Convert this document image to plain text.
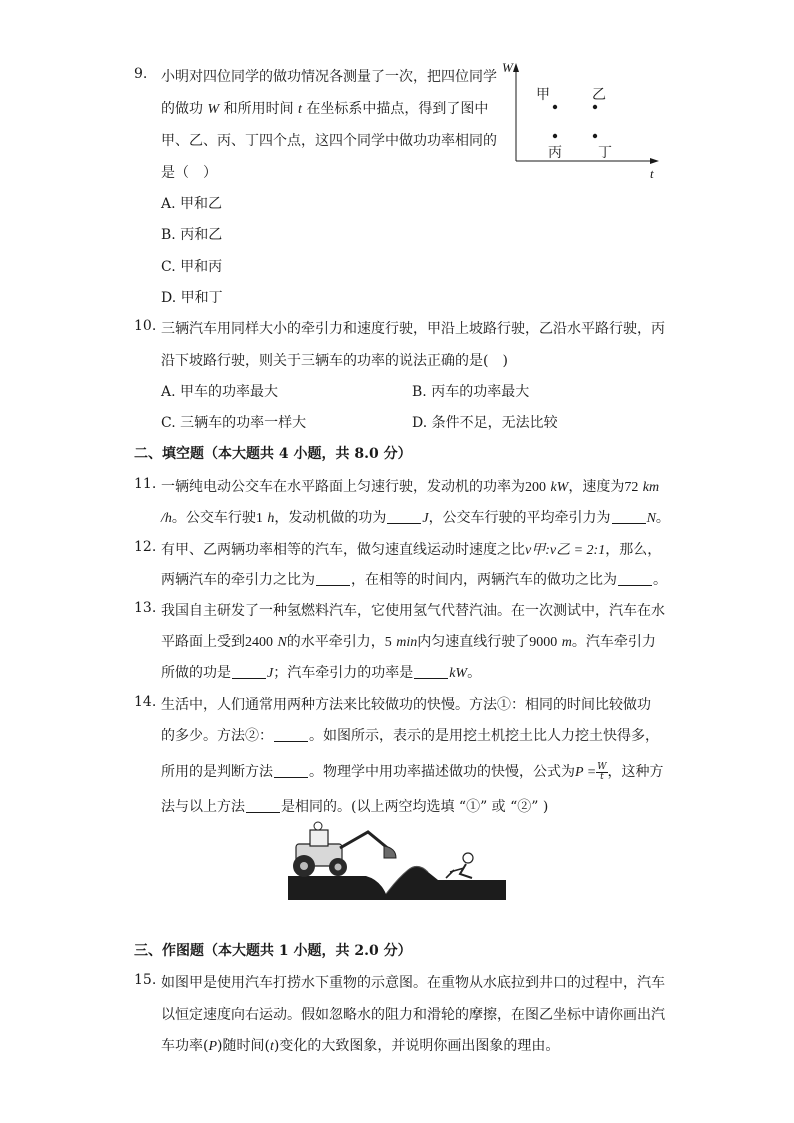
9. 小明对四位同学的做功情况各测量了一次，把四位同学
的做功 W 和所用时间 t 在坐标系中描点，得到了图中
甲、乙、丙、丁四个点，这四个同学中做功功率相同的
是（　）
A. 甲和乙
B. 丙和乙
C. 甲和丙
D. 甲和丁
W
t
甲	乙
丙	丁
10. 三辆汽车用同样大小的牵引力和速度行驶，甲沿上坡路行驶，乙沿水平路行驶，丙
沿下坡路行驶，则关于三辆车的功率的说法正确的是(　)
A. 甲车的功率最大	B. 丙车的功率最大
C. 三辆车的功率一样大	D. 条件不足，无法比较
二、填空题（本大题共 4 小题，共 8.0 分）
11. 一辆纯电动公交车在水平路面上匀速行驶，发动机的功率为200 kW，速度为72 km
/h。公交车行驶1 h，发动机做的功为	J，公交车行驶的平均牵引力为	N。
12. 有甲、乙两辆功率相等的汽车，做匀速直线运动时速度之比v甲:v乙 = 2:1，那么，
两辆汽车的牵引力之比为	，在相等的时间内，两辆汽车的做功之比为	。
13. 我国自主研发了一种氢燃料汽车，它使用氢气代替汽油。在一次测试中，汽车在水
平路面上受到2400 N的水平牵引力，5 min内匀速直线行驶了9000 m。汽车牵引力
所做的功是	J；汽车牵引力的功率是	kW。
14. 生活中，人们通常用两种方法来比较做功的快慢。方法①：相同的时间比较做功
的多少。方法②：	。如图所示，表示的是用挖土机挖土比人力挖土快得多，
所用的是判断方法	。物理学中用功率描述做功的快慢，公式为$P = \frac{W}{t}$ ，这种方
法与以上方法	是相同的。(以上两空均选填 “①” 或 “②” )
三、作图题（本大题共 1 小题，共 2.0 分）
15. 如图甲是使用汽车打捞水下重物的示意图。在重物从水底拉到井口的过程中，汽车
以恒定速度向右运动。假如忽略水的阻力和滑轮的摩擦，在图乙坐标中请你画出汽
车功率(P)随时间(t)变化的大致图象，并说明你画出图象的理由。
